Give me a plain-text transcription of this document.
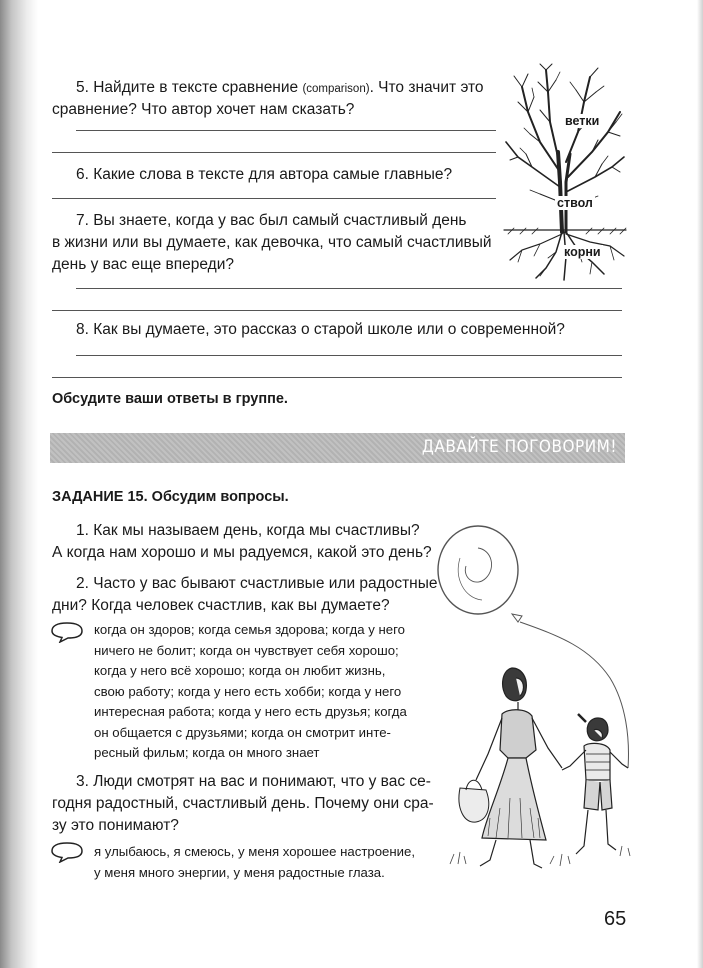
5. Найдите в тексте сравнение (comparison). Что значит это
сравнение? Что автор хочет нам сказать?
6. Какие слова в тексте для автора самые главные?
7. Вы знаете, когда у вас был самый счастливый день
в жизни или вы думаете, как девочка, что самый счастливый
день у вас еще впереди?
8. Как вы думаете, это рассказ о старой школе или о современной?
Обсудите ваши ответы в группе.
ветки
ствол
корни
ДАВАЙТЕ ПОГОВОРИМ!
ЗАДАНИЕ 15. Обсудим вопросы.
1. Как мы называем день, когда мы счастливы?
А когда нам хорошо и мы радуемся, какой это день?
2. Часто у вас бывают счастливые или радостные
дни? Когда человек счастлив, как вы думаете?
когда он здоров; когда семья здорова; когда у него
ничего не болит; когда он чувствует себя хорошо;
когда у него всё хорошо; когда он любит жизнь,
свою работу; когда у него есть хобби; когда у него
интересная работа; когда у него есть друзья; когда
он общается с друзьями; когда он смотрит инте-
ресный фильм; когда он много знает
3. Люди смотрят на вас и понимают, что у вас се-
годня радостный, счастливый день. Почему они сра-
зу это понимают?
я улыбаюсь, я смеюсь, у меня хорошее настроение,
у меня много энергии, у меня радостные глаза.
65
